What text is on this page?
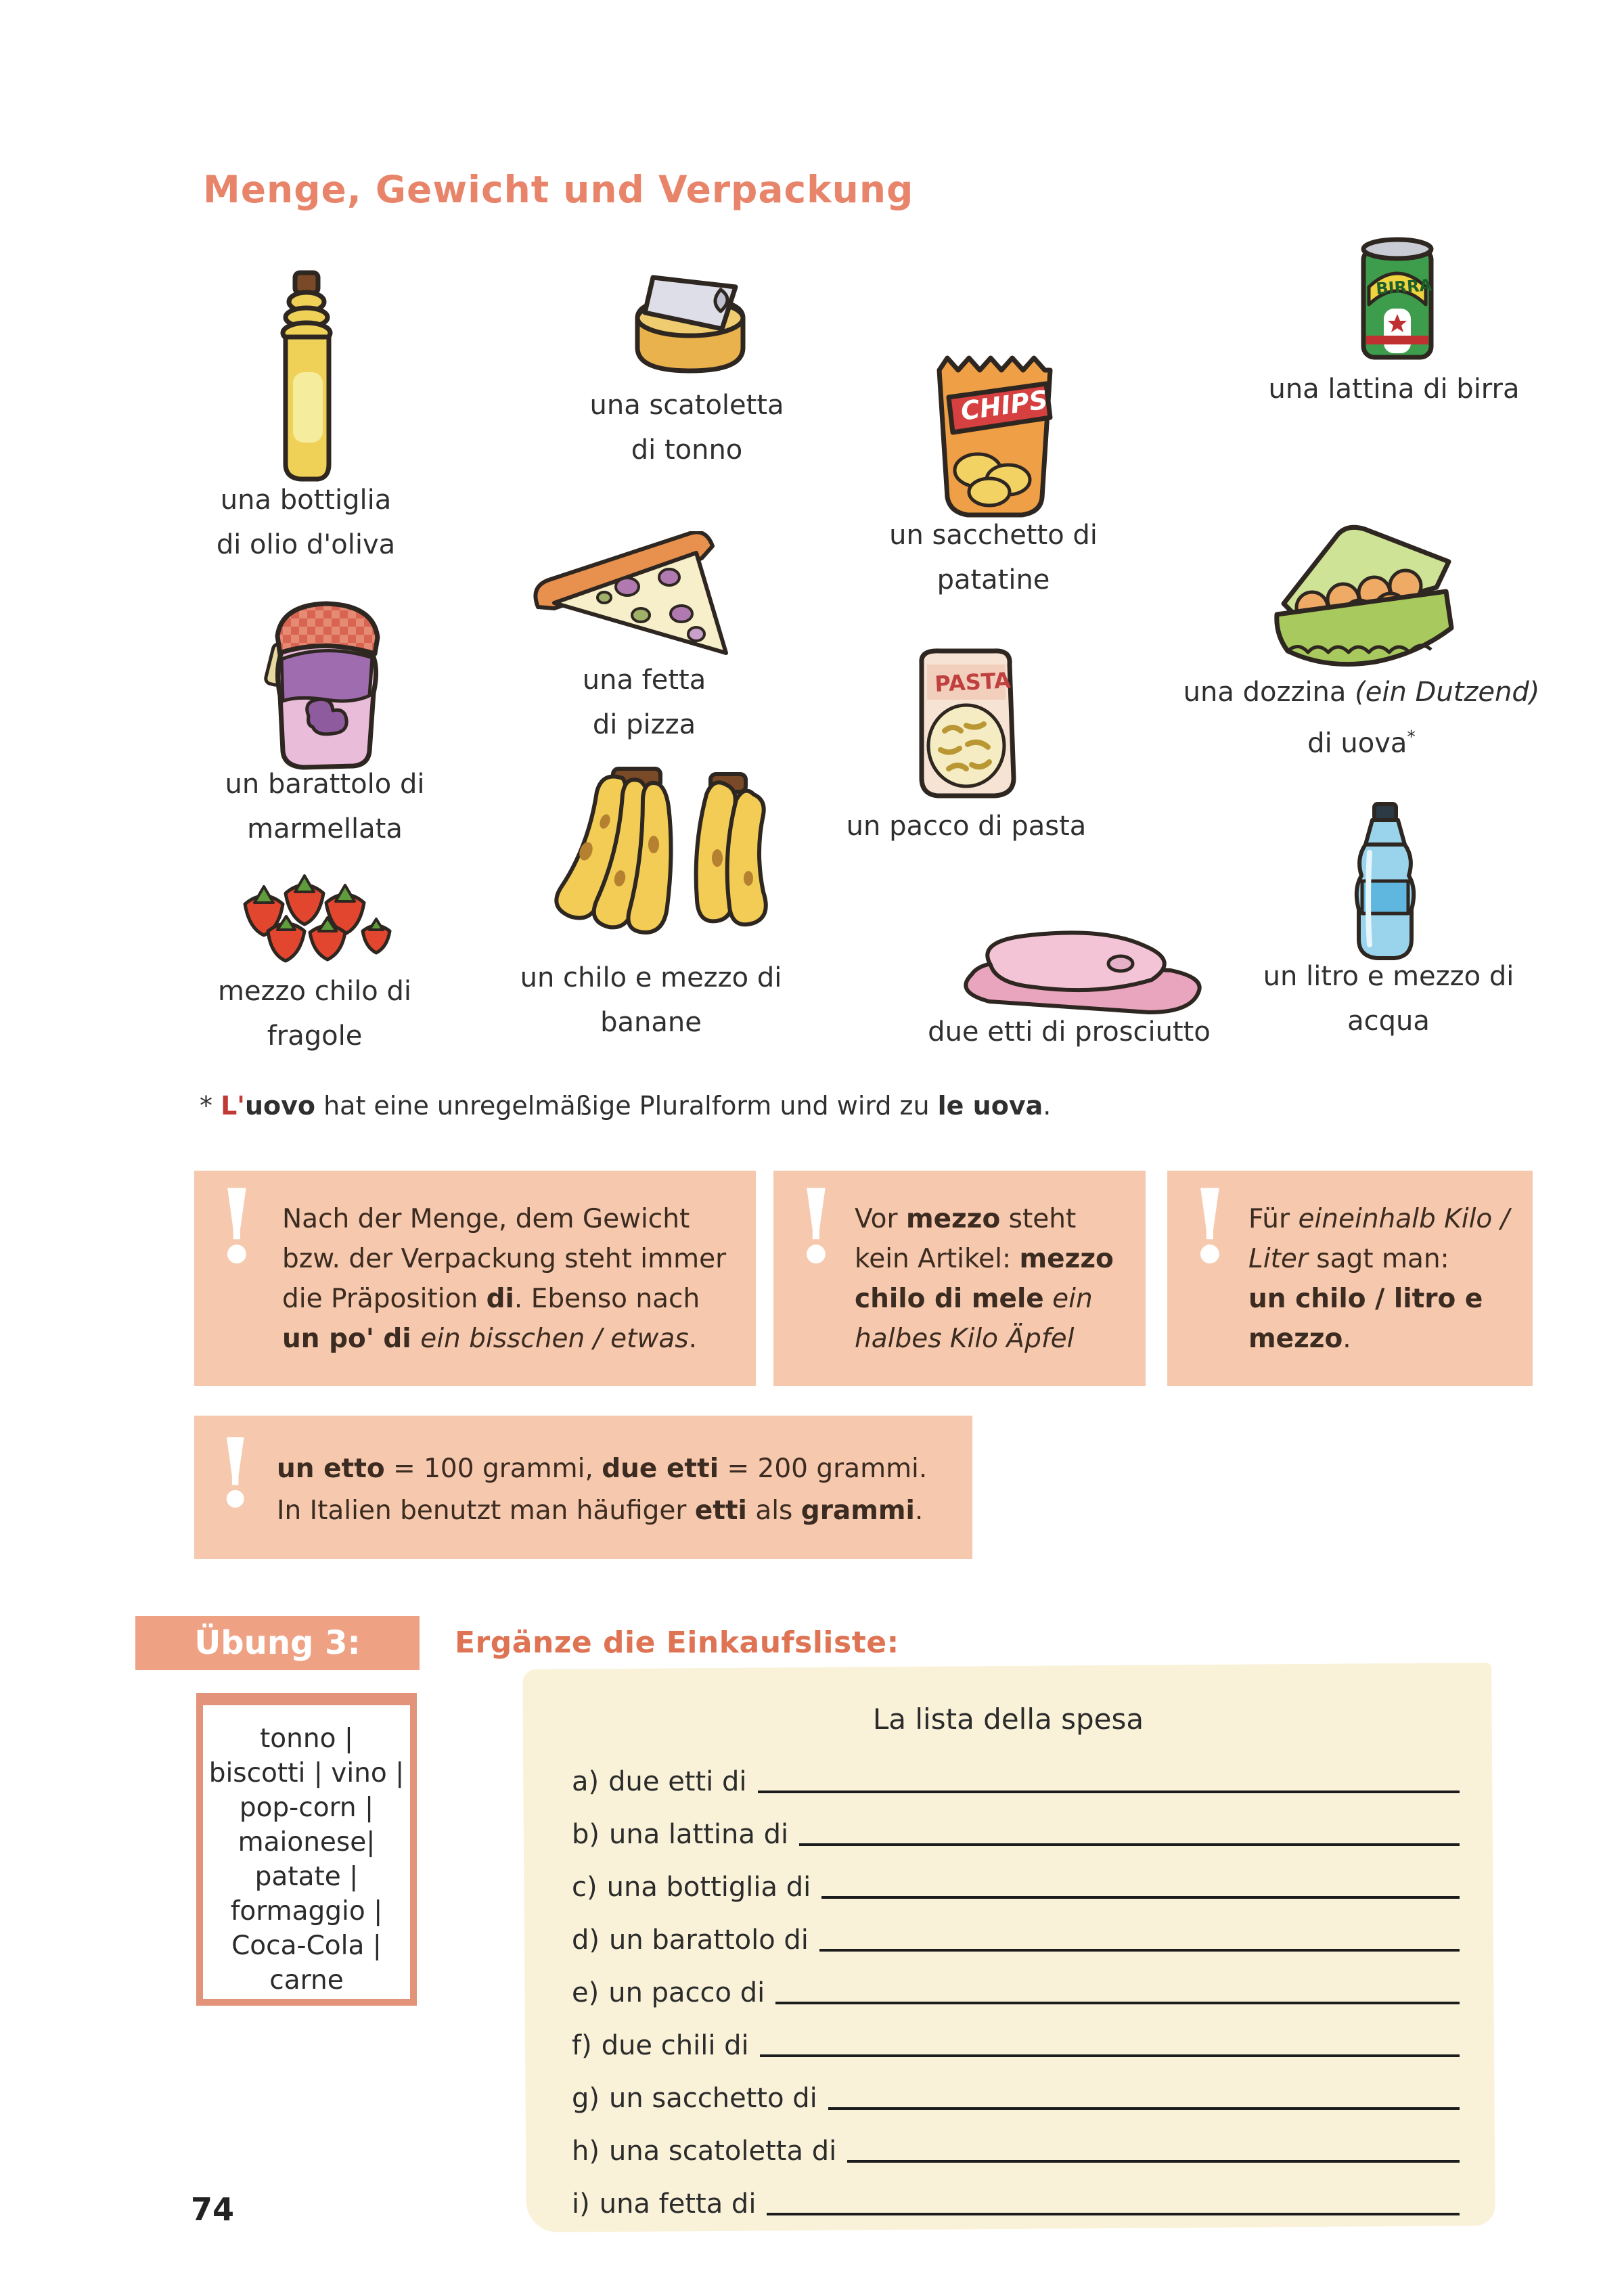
Menge, Gewicht und Verpackung
CHIPS
BIRRA
PASTA
una bottiglia
di olio d'oliva
una scatoletta
di tonno
un sacchetto di
patatine
una lattina di birra
un barattolo di
marmellata
una fetta
di pizza
un pacco di pasta
una dozzina (ein Dutzend)
di uova*
mezzo chilo di
fragole
un chilo e mezzo di
banane	due etti di prosciutto
un litro e mezzo di
acqua
* L'uovo hat eine unregelmäßige Pluralform und wird zu le uova.
! Nach der Menge, dem Gewicht
bzw. der Verpackung steht immer
die Präposition di. Ebenso nach
un po' di ein bisschen / etwas.
! Vor mezzo steht
kein Artikel: mezzo
chilo di mele ein
halbes Kilo Äpfel
! Für eineinhalb Kilo /
Liter sagt man:
un chilo / litro e
mezzo.
! un etto = 100 grammi, due etti = 200 grammi.
In Italien benutzt man häufiger etti als grammi.
Übung 3:	Ergänze die Einkaufsliste:
tonno |
biscotti | vino |
pop-corn |
maionese|
patate |
formaggio |
Coca-Cola |
carne
La lista della spesa
a) due etti di
b) una lattina di
c) una bottiglia di
d) un barattolo di
e) un pacco di
f) due chili di
g) un sacchetto di
h) una scatoletta di
i) una fetta di
74
